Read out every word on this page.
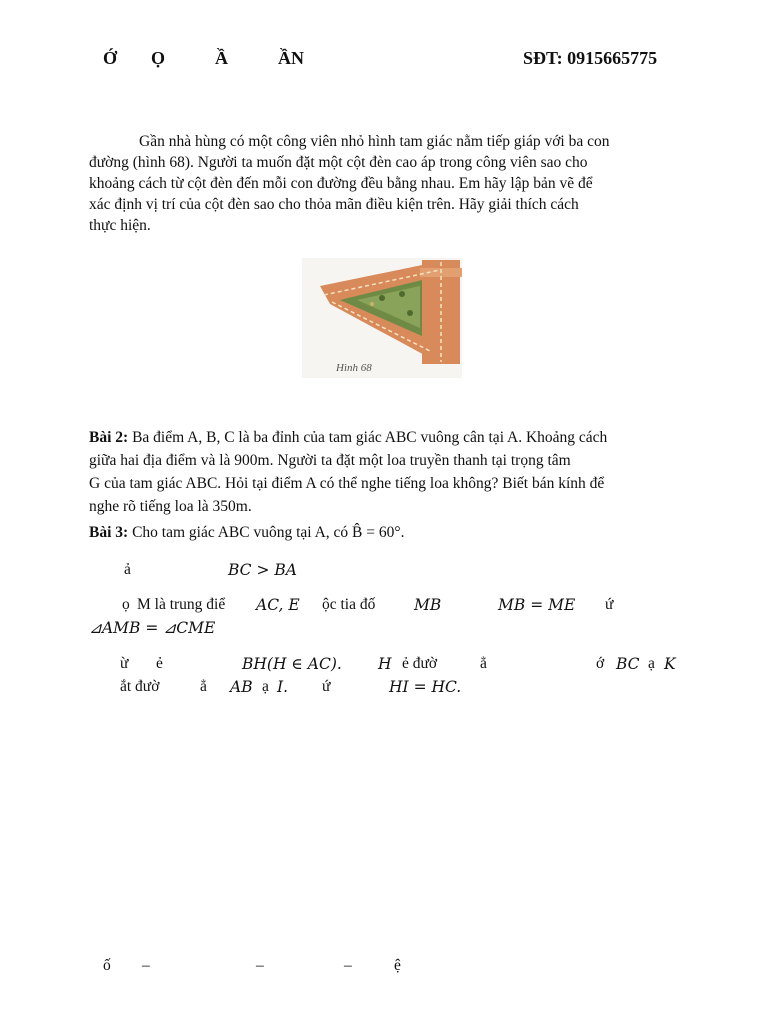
Ớ Ọ	Ầ	ẦN	SĐT: 0915665775
Gần nhà hùng có một công viên nhỏ hình tam giác nằm tiếp giáp với ba con
đường (hình 68). Người ta muốn đặt một cột đèn cao áp trong công viên sao cho
khoảng cách từ cột đèn đến mỗi con đường đều bằng nhau. Em hãy lập bản vẽ để
xác định vị trí của cột đèn sao cho thỏa mãn điều kiện trên. Hãy giải thích cách
thực hiện.
Hình 68
Bài 2: Ba điểm A, B, C là ba đỉnh của tam giác ABC vuông cân tại A. Khoảng cách
giữa hai địa điểm và là 900m. Người ta đặt một loa truyền thanh tại trọng tâm
G của tam giác ABC. Hỏi tại điểm A có thể nghe tiếng loa không? Biết bán kính để
nghe rõ tiếng loa là 350m.
Bài 3: Cho tam giác ABC vuông tại A, có B̂ = 60°.
ả	BC > BA
ọ M là trung điể AC, E ộc tia đố MB	MB = ME ứ
⊿AMB = ⊿CME
ừ ẻ	BH(H ∈ AC). H ẻ đườ	ẳ	ớ BC ạ K
ắt đườ	ẳ AB ạ I. ứ	HI = HC.
ố –	–	–	ệ
